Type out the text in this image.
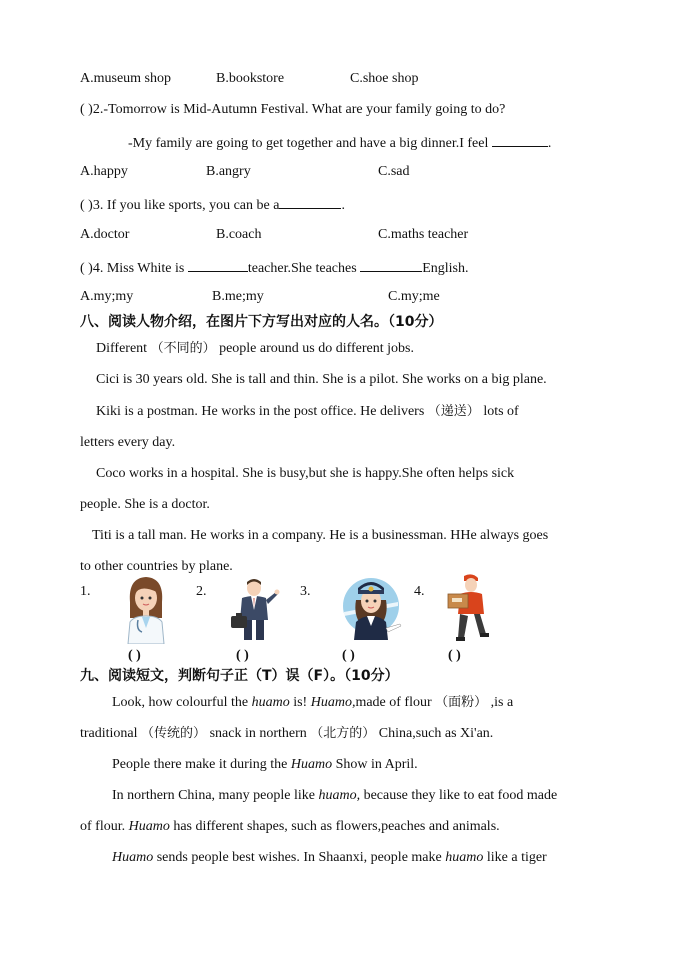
A.museum shop	B.bookstore	C.shoe shop
( )2.-Tomorrow is Mid-Autumn Festival. What are your family going to do?
-My family are going to get together and have a big dinner.I feel	.
A.happy	B.angry	C.sad
( )3. If you like sports, you can be a	.
A.doctor	B.coach	C.maths teacher
( )4. Miss White is	teacher.She teaches	English.
A.my;my	B.me;my	C.my;me
八、阅读人物介绍，在图片下方写出对应的人名。（10分）
Different （不同的） people around us do different jobs.
Cici is 30 years old. She is tall and thin. She is a pilot. She works on a big plane.
Kiki is a postman. He works in the post office. He delivers （递送） lots of
letters every day.
Coco works in a hospital. She is busy,but she is happy.She often helps sick
people. She is a doctor.
Titi is a tall man. He works in a company. He is a businessman. HHe always goes
to other countries by plane.
1.	2.	3.	4.
( )	( )	( )	( )
九、阅读短文，判断句子正（T）误（F）。（10分）
Look, how colourful the huamo is! Huamo,made of flour （面粉） ,is a
traditional （传统的） snack in northern （北方的） China,such as Xi'an.
People there make it during the Huamo Show in April.
In northern China, many people like huamo, because they like to eat food made
of flour. Huamo has different shapes, such as flowers,peaches and animals.
Huamo sends people best wishes. In Shaanxi, people make huamo like a tiger
